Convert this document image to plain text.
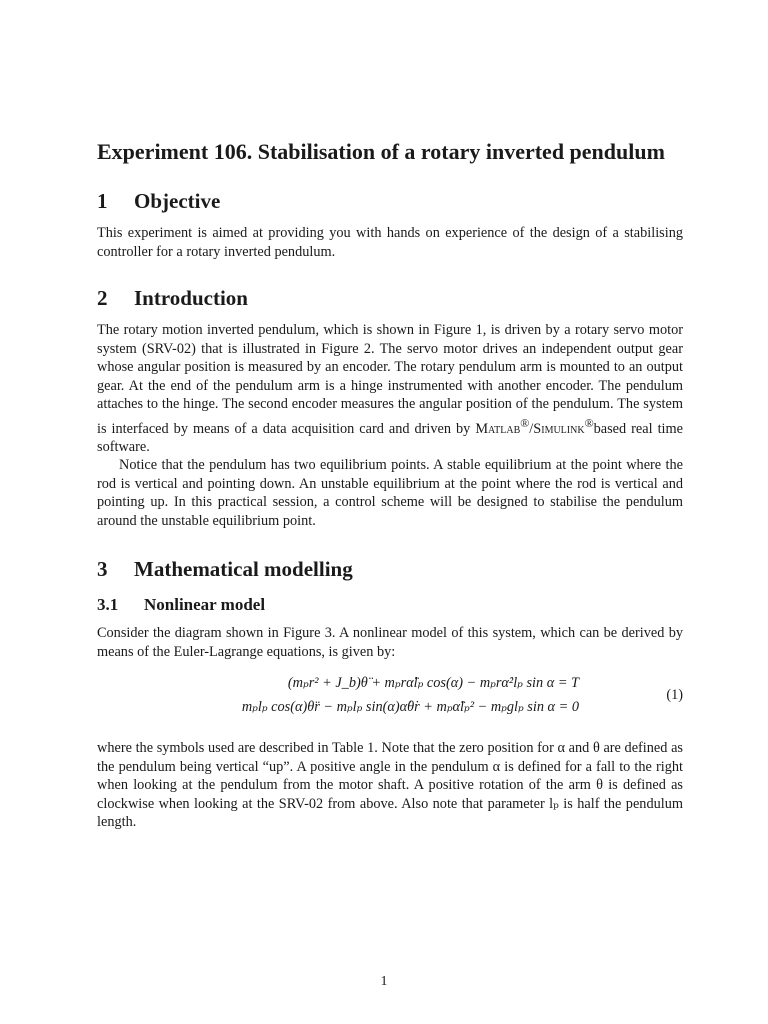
Experiment 106. Stabilisation of a rotary inverted pendulum
1 Objective

This experiment is aimed at providing you with hands on experience of the design of a stabilising controller for a rotary inverted pendulum.

2 Introduction

The rotary motion inverted pendulum, which is shown in Figure 1, is driven by a rotary servo motor system (SRV-02) that is illustrated in Figure 2. The servo motor drives an independent output gear whose angular position is measured by an encoder. The rotary pendulum arm is mounted to an output gear. At the end of the pendulum arm is a hinge instrumented with another encoder. The pendulum attaches to the hinge. The second encoder measures the angular position of the pendulum. The system is interfaced by means of a data acquisition card and driven by Matlab®/Simulink®based real time software.

Notice that the pendulum has two equilibrium points. A stable equilibrium at the point where the rod is vertical and pointing down. An unstable equilibrium at the point where the rod is vertical and pointing up. In this practical session, a control scheme will be designed to stabilise the pendulum around the unstable equilibrium point.

3 Mathematical modelling
3.1 Nonlinear model

Consider the diagram shown in Figure 3. A nonlinear model of this system, which can be derived by means of the Euler-Lagrange equations, is given by:

(mₚr² + J_b)θ̈ + mₚrα̈lₚ cos(α) − mₚrα̇²lₚ sin α = T
mₚlₚ cos(α)θ̈r − mₚlₚ sin(α)α̇θ̇r + mₚα̈lₚ² − mₚglₚ sin α = 0
(1)

where the symbols used are described in Table 1. Note that the zero position for α and θ are defined as the pendulum being vertical “up”. A positive angle in the pendulum α is defined for a fall to the right when looking at the pendulum from the motor shaft. A positive rotation of the arm θ is defined as clockwise when looking at the SRV-02 from above. Also note that parameter lₚ is half the pendulum length.

1
